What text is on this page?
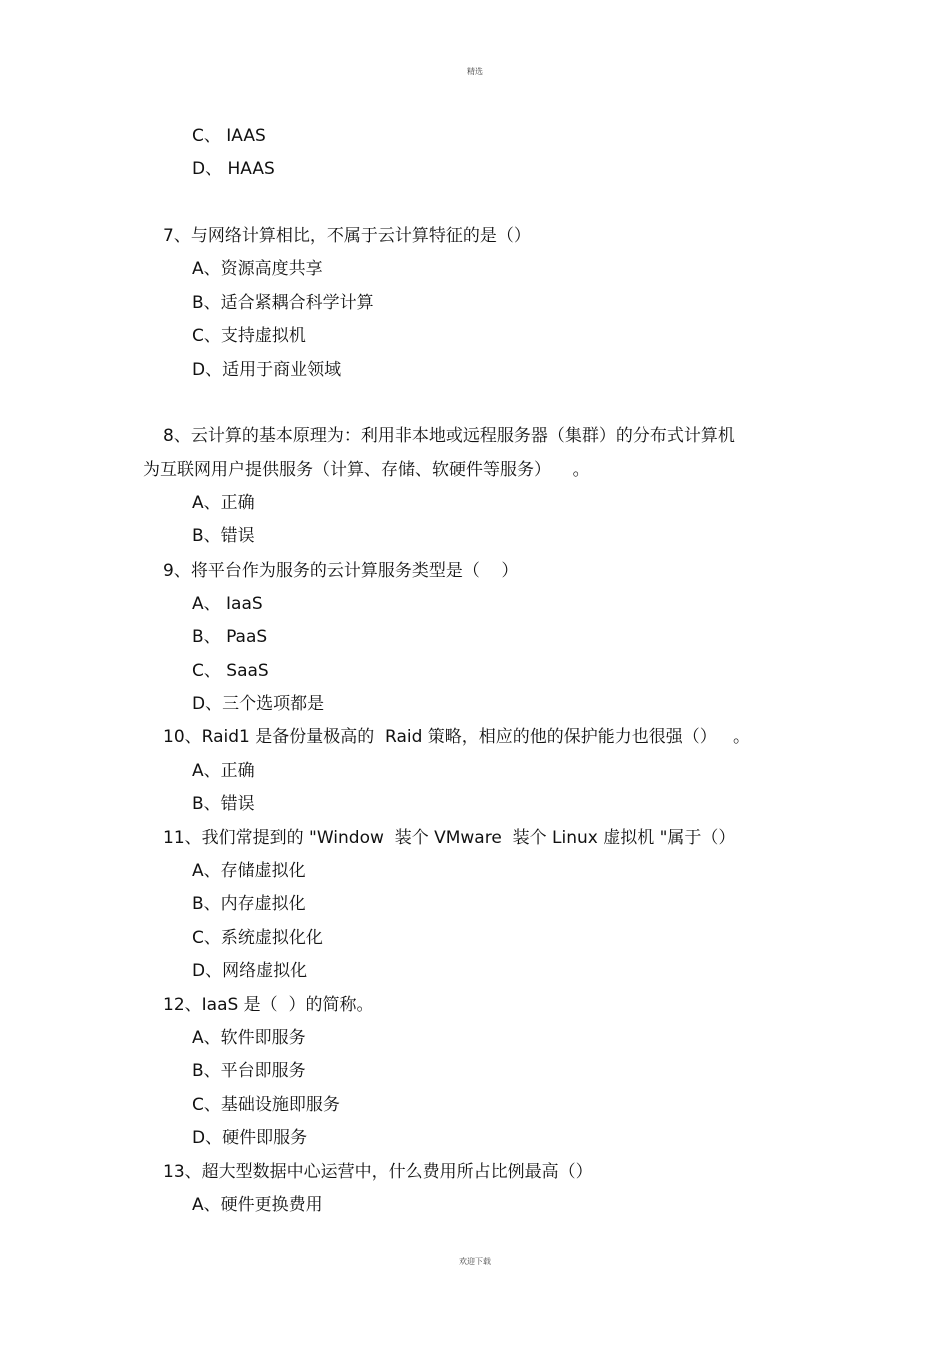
精选
C、 IAAS
D、 HAAS
7、与网络计算相比，不属于云计算特征的是（）
A、资源高度共享
B、适合紧耦合科学计算
C、支持虚拟机
D、适用于商业领域
8、云计算的基本原理为：利用非本地或远程服务器（集群）的分布式计算机
为互联网用户提供服务（计算、存储、软硬件等服务）    。
A、正确
B、错误
9、将平台作为服务的云计算服务类型是（    ）
A、 IaaS
B、 PaaS
C、 SaaS
D、三个选项都是
10、Raid1 是备份量极高的  Raid 策略，相应的他的保护能力也很强（）   。
A、正确
B、错误
11、我们常提到的 "Window  装个 VMware  装个 Linux 虚拟机 "属于（）
A、存储虚拟化
B、内存虚拟化
C、系统虚拟化化
D、网络虚拟化
12、IaaS 是（  ）的简称。
A、软件即服务
B、平台即服务
C、基础设施即服务
D、硬件即服务
13、超大型数据中心运营中，什么费用所占比例最高（）
A、硬件更换费用
欢迎下载
